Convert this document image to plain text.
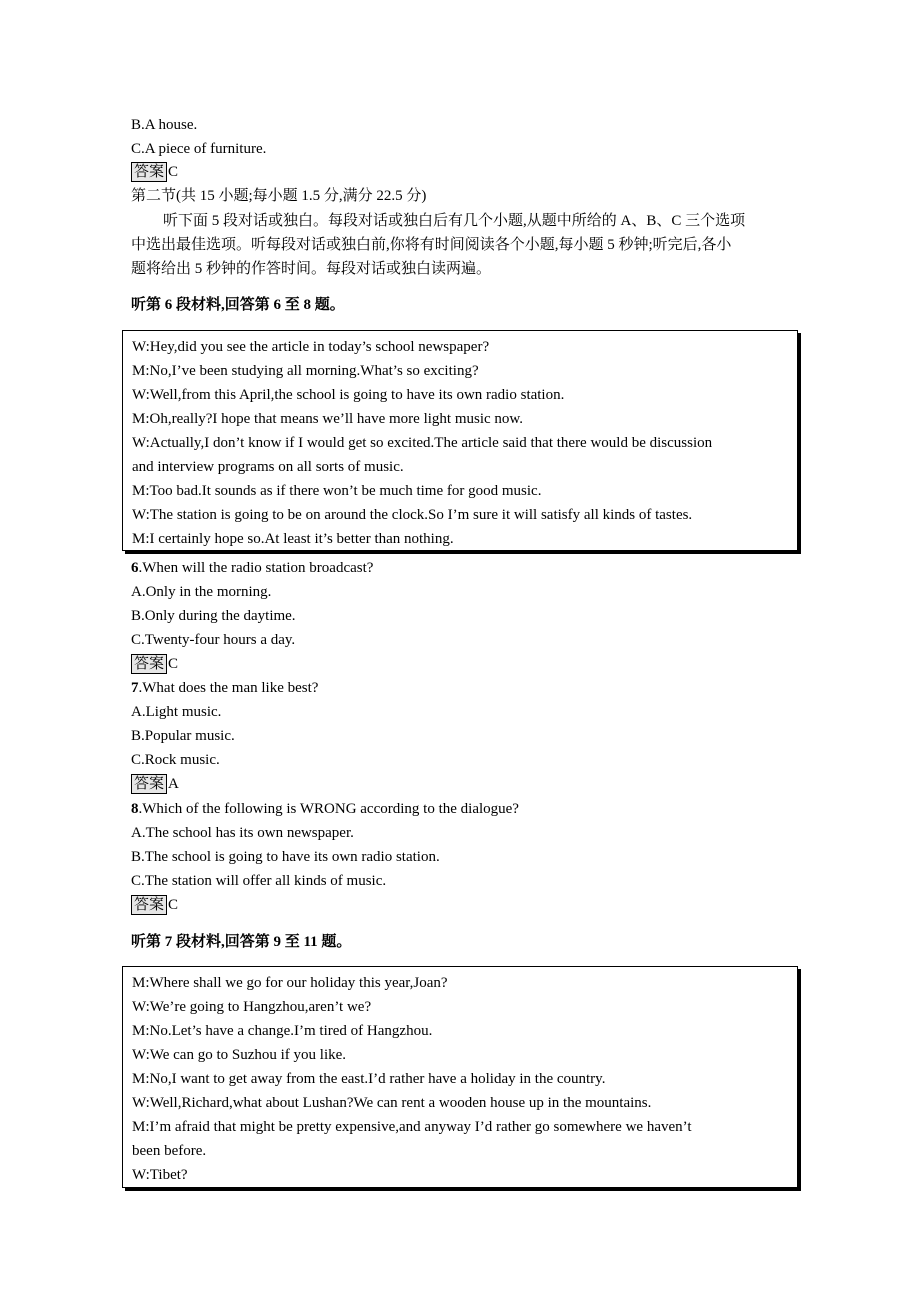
B.A house.
C.A piece of furniture.
答案 C
第二节(共 15 小题;每小题 1.5 分,满分 22.5 分)
听下面 5 段对话或独白。每段对话或独白后有几个小题,从题中所给的 A、B、C 三个选项
中选出最佳选项。听每段对话或独白前,你将有时间阅读各个小题,每小题 5 秒钟;听完后,各小
题将给出 5 秒钟的作答时间。每段对话或独白读两遍。
听第 6 段材料,回答第 6 至 8 题。
W:Hey,did you see the article in today’s school newspaper?
M:No,I’ve been studying all morning.What’s so exciting?
W:Well,from this April,the school is going to have its own radio station.
M:Oh,really?I hope that means we’ll have more light music now.
W:Actually,I don’t know if I would get so excited.The article said that there would be discussion
and interview programs on all sorts of music.
M:Too bad.It sounds as if there won’t be much time for good music.
W:The station is going to be on around the clock.So I’m sure it will satisfy all kinds of tastes.
M:I certainly hope so.At least it’s better than nothing.
6.When will the radio station broadcast?
A.Only in the morning.
B.Only during the daytime.
C.Twenty-four hours a day.
答案 C
7.What does the man like best?
A.Light music.
B.Popular music.
C.Rock music.
答案 A
8.Which of the following is WRONG according to the dialogue?
A.The school has its own newspaper.
B.The school is going to have its own radio station.
C.The station will offer all kinds of music.
答案 C
听第 7 段材料,回答第 9 至 11 题。
M:Where shall we go for our holiday this year,Joan?
W:We’re going to Hangzhou,aren’t we?
M:No.Let’s have a change.I’m tired of Hangzhou.
W:We can go to Suzhou if you like.
M:No,I want to get away from the east.I’d rather have a holiday in the country.
W:Well,Richard,what about Lushan?We can rent a wooden house up in the mountains.
M:I’m afraid that might be pretty expensive,and anyway I’d rather go somewhere we haven’t
been before.
W:Tibet?
